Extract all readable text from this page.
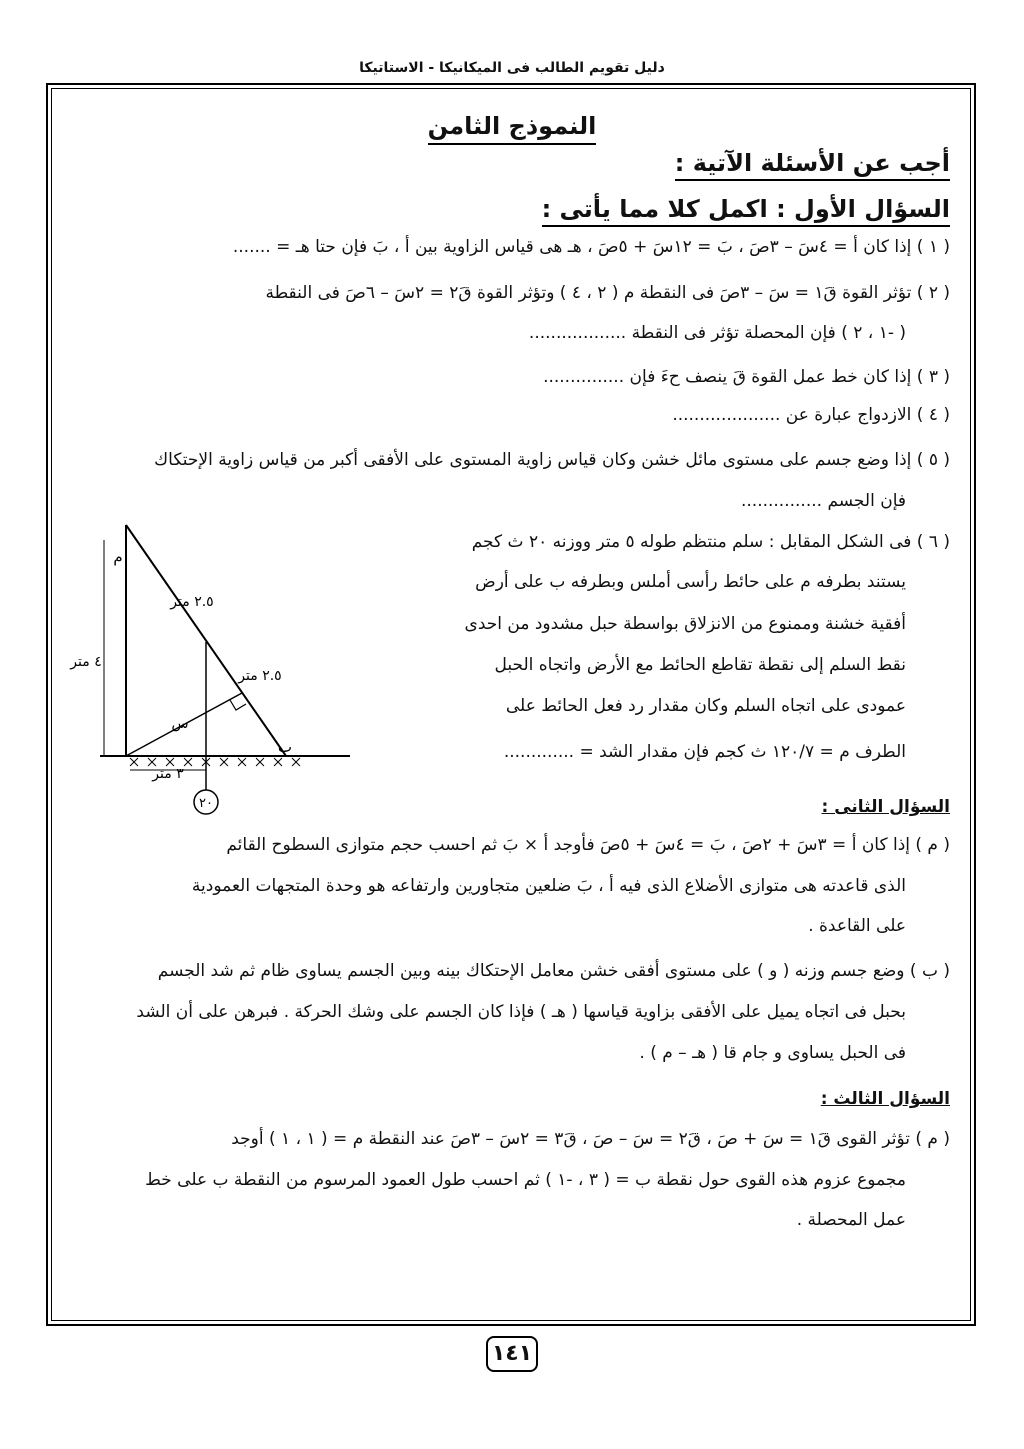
دليل تقويم الطالب فى الميكانيكا - الاستاتيكا
النموذج الثامن
أجب عن الأسئلة الآتية :
السؤال الأول : اكمل كلا مما يأتى :
( ١ ) إذا كان أ = ٤سَ – ٣صَ ، بَ = ١٢سَ + ٥صَ ، هـ هى قياس الزاوية بين أ ، بَ فإن حتا هـ = .......
( ٢ ) تؤثر القوة قَ١ = سَ – ٣صَ فى النقطة م ( ٢ ، ٤ ) وتؤثر القوة قَ٢ = ٢سَ – ٦صَ فى النقطة
( -١ ، ٢ ) فإن المحصلة تؤثر فى النقطة ..................
( ٣ ) إذا كان خط عمل القوة قَ ينصف حءَ فإن ...............
( ٤ ) الازدواج عبارة عن ....................
( ٥ ) إذا وضع جسم على مستوى مائل خشن وكان قياس زاوية المستوى على الأفقى أكبر من قياس زاوية الإحتكاك
فإن الجسم ...............
( ٦ ) فى الشكل المقابل : سلم منتظم طوله ٥ متر ووزنه ٢٠ ث كجم
يستند بطرفه م على حائط رأسى أملس وبطرفه ب على أرض
أفقية خشنة وممنوع من الانزلاق بواسطة حبل مشدود من احدى
نقط السلم إلى نقطة تقاطع الحائط مع الأرض واتجاه الحبل
عمودى على اتجاه السلم وكان مقدار رد فعل الحائط على
الطرف م = ١٢٠/٧ ث كجم فإن مقدار الشد = .............
م
ب
س
٢.٥ متر
٢.٥ متر
٤ متر
٣ متر
٢٠	السؤال الثانى :
( م ) إذا كان أ = ٣سَ + ٢صَ ، بَ = ٤سَ + ٥صَ فأوجد أ × بَ ثم احسب حجم متوازى السطوح القائم
الذى قاعدته هى متوازى الأضلاع الذى فيه أ ، بَ ضلعين متجاورين وارتفاعه هو وحدة المتجهات العمودية
على القاعدة .
( ب ) وضع جسم وزنه ( و ) على مستوى أفقى خشن معامل الإحتكاك بينه وبين الجسم يساوى ظام ثم شد الجسم
بحبل فى اتجاه يميل على الأفقى بزاوية قياسها ( هـ ) فإذا كان الجسم على وشك الحركة . فبرهن على أن الشد
فى الحبل يساوى و جام قا ( هـ – م ) .
السؤال الثالث :
( م ) تؤثر القوى قَ١ = سَ + صَ ، قَ٢ = سَ – صَ ، قَ٣ = ٢سَ – ٣صَ عند النقطة م = ( ١ ، ١ ) أوجد
مجموع عزوم هذه القوى حول نقطة ب = ( ٣ ، -١ ) ثم احسب طول العمود المرسوم من النقطة ب على خط
عمل المحصلة .
١٤١
